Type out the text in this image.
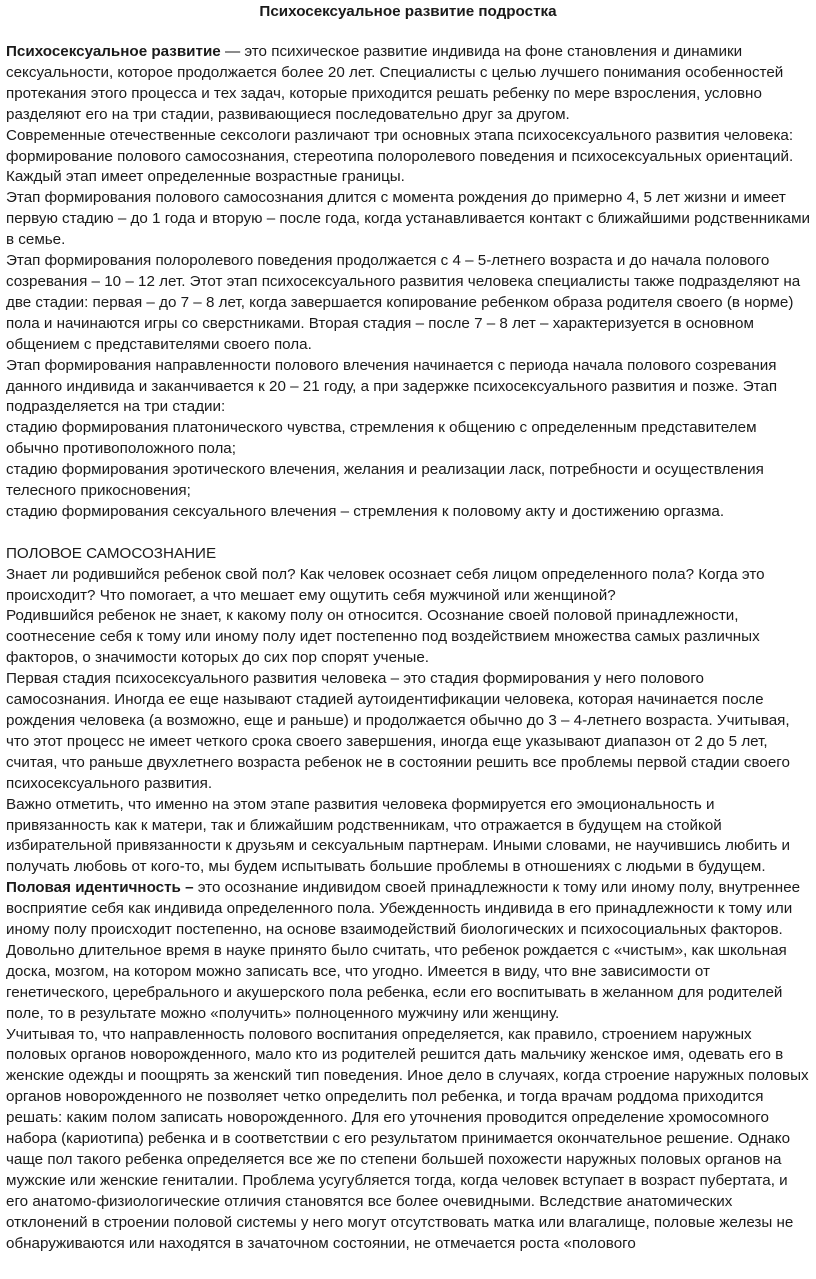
Психосексуальное развитие подростка

Психосексуальное развитие — это психическое развитие индивида на фоне становления и динамики сексуальности, которое продолжается более 20 лет. Специалисты с целью лучшего понимания особенностей протекания этого процесса и тех задач, которые приходится решать ребенку по мере взросления, условно разделяют его на три стадии, развивающиеся последовательно друг за другом.

Современные отечественные сексологи различают три основных этапа психосексуального развития человека: формирование полового самосознания, стереотипа полоролевого поведения и психосексуальных ориентаций. Каждый этап имеет определенные возрастные границы.

Этап формирования полового самосознания длится с момента рождения до примерно 4, 5 лет жизни и имеет первую стадию – до 1 года и вторую – после года, когда устанавливается контакт с ближайшими родственниками в семье.

Этап формирования полоролевого поведения продолжается с 4 – 5-летнего возраста и до начала полового созревания – 10 – 12 лет. Этот этап психосексуального развития человека специалисты также подразделяют на две стадии: первая – до 7 – 8 лет, когда завершается копирование ребенком образа родителя своего (в норме) пола и начинаются игры со сверстниками. Вторая стадия – после 7 – 8 лет – характеризуется в основном общением с представителями своего пола.

Этап формирования направленности полового влечения начинается с периода начала полового созревания данного индивида и заканчивается к 20 – 21 году, а при задержке психосексуального развития и позже. Этап подразделяется на три стадии:

стадию формирования платонического чувства, стремления к общению с определенным представителем обычно противоположного пола;

стадию формирования эротического влечения, желания и реализации ласк, потребности и осуществления телесного прикосновения;

стадию формирования сексуального влечения – стремления к половому акту и достижению оргазма.

ПОЛОВОЕ САМОСОЗНАНИЕ

Знает ли родившийся ребенок свой пол? Как человек осознает себя лицом определенного пола? Когда это происходит? Что помогает, а что мешает ему ощутить себя мужчиной или женщиной?

Родившийся ребенок не знает, к какому полу он относится. Осознание своей половой принадлежности, соотнесение себя к тому или иному полу идет постепенно под воздействием множества самых различных факторов, о значимости которых до сих пор спорят ученые.

Первая стадия психосексуального развития человека – это стадия формирования у него полового самосознания. Иногда ее еще называют стадией аутоидентификации человека, которая начинается после рождения человека (а возможно, еще и раньше) и продолжается обычно до 3 – 4-летнего возраста. Учитывая, что этот процесс не имеет четкого срока своего завершения, иногда еще указывают диапазон от 2 до 5 лет, считая, что раньше двухлетнего возраста ребенок не в состоянии решить все проблемы первой стадии своего психосексуального развития.

Важно отметить, что именно на этом этапе развития человека формируется его эмоциональность и привязанность как к матери, так и ближайшим родственникам, что отражается в будущем на стойкой избирательной привязанности к друзьям и сексуальным партнерам. Иными словами, не научившись любить и получать любовь от кого-то, мы будем испытывать большие проблемы в отношениях с людьми в будущем.

Половая идентичность – это осознание индивидом своей принадлежности к тому или иному полу, внутреннее восприятие себя как индивида определенного пола. Убежденность индивида в его принадлежности к тому или иному полу происходит постепенно, на основе взаимодействий биологических и психосоциальных факторов.

Довольно длительное время в науке принято было считать, что ребенок рождается с «чистым», как школьная доска, мозгом, на котором можно записать все, что угодно. Имеется в виду, что вне зависимости от генетического, церебрального и акушерского пола ребенка, если его воспитывать в желанном для родителей поле, то в результате можно «получить» полноценного мужчину или женщину.

Учитывая то, что направленность полового воспитания определяется, как правило, строением наружных половых органов новорожденного, мало кто из родителей решится дать мальчику женское имя, одевать его в женские одежды и поощрять за женский тип поведения. Иное дело в случаях, когда строение наружных половых органов новорожденного не позволяет четко определить пол ребенка, и тогда врачам роддома приходится решать: каким полом записать новорожденного. Для его уточнения проводится определение хромосомного набора (кариотипа) ребенка и в соответствии с его результатом принимается окончательное решение. Однако чаще пол такого ребенка определяется все же по степени большей похожести наружных половых органов на мужские или женские гениталии. Проблема усугубляется тогда, когда человек вступает в возраст пубертата, и его анатомо-физиологические отличия становятся все более очевидными. Вследствие анатомических отклонений в строении половой системы у него могут отсутствовать матка или влагалище, половые железы не обнаруживаются или находятся в зачаточном состоянии, не отмечается роста «полового
